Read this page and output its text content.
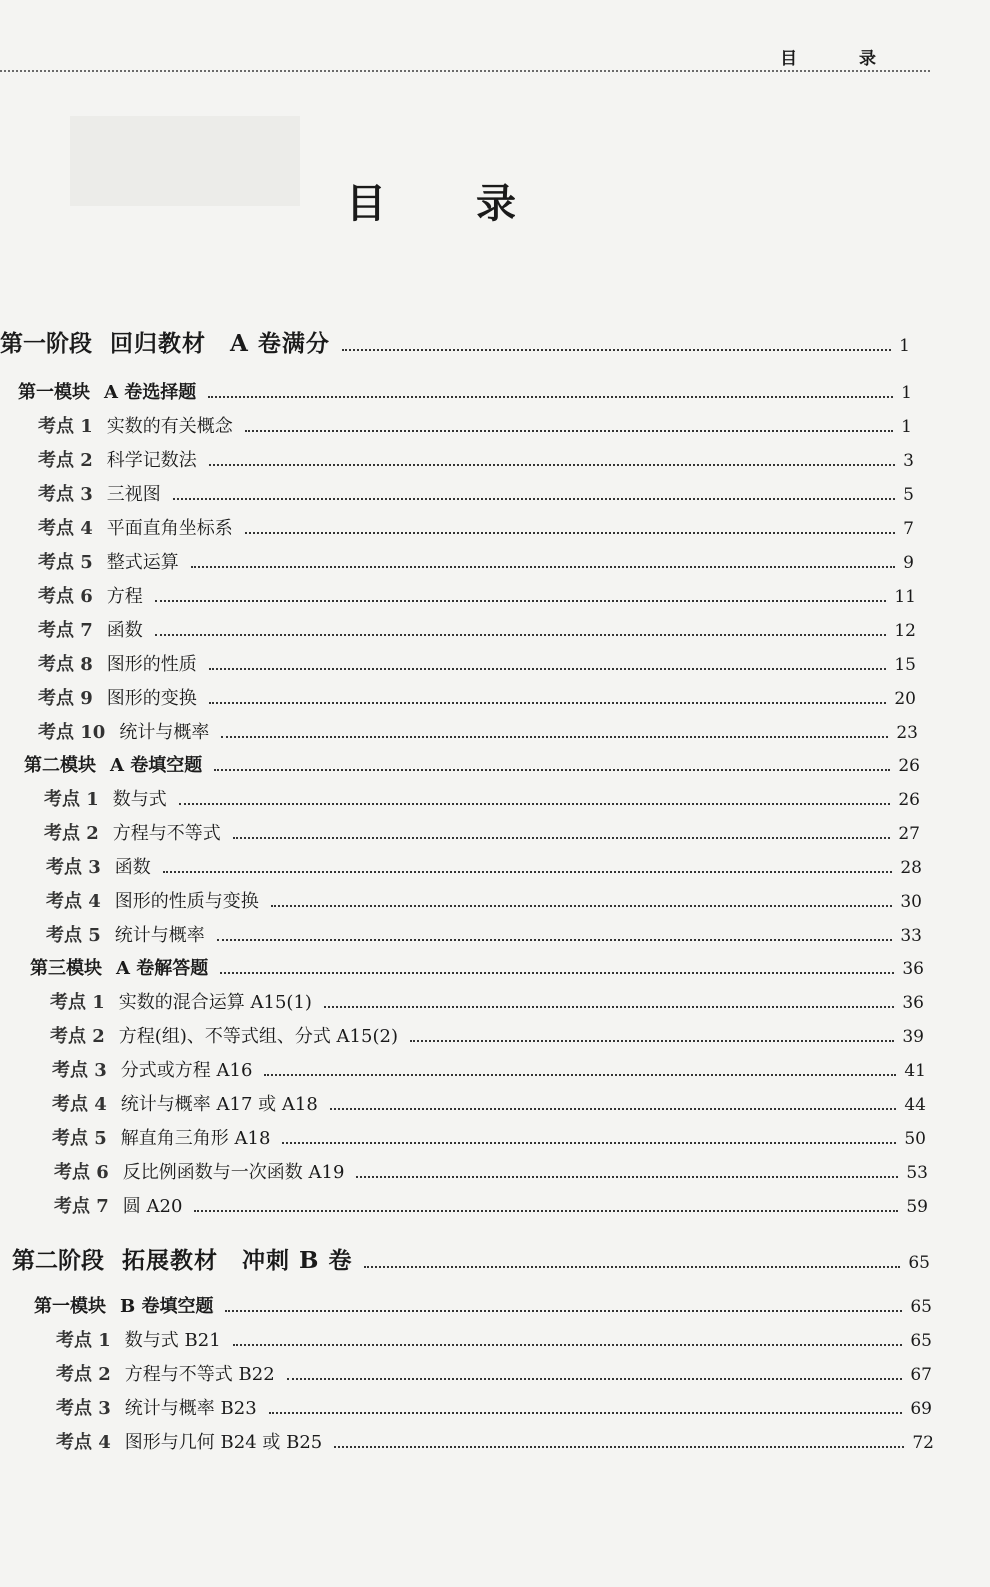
目 录
目 录
第一阶段 回归教材　A 卷满分	1
第一模块 A 卷选择题	1
考点 1 实数的有关概念	1
考点 2 科学记数法	3
考点 3 三视图	5
考点 4 平面直角坐标系	7
考点 5 整式运算	9
考点 6 方程	11
考点 7 函数	12
考点 8 图形的性质	15
考点 9 图形的变换	20
考点 10 统计与概率	23
第二模块 A 卷填空题	26
考点 1 数与式	26
考点 2 方程与不等式	27
考点 3 函数	28
考点 4 图形的性质与变换	30
考点 5 统计与概率	33
第三模块 A 卷解答题	36
考点 1 实数的混合运算 A15(1)	36
考点 2 方程(组)、不等式组、分式 A15(2)	39
考点 3 分式或方程 A16	41
考点 4 统计与概率 A17 或 A18	44
考点 5 解直角三角形 A18	50
考点 6 反比例函数与一次函数 A19	53
考点 7 圆 A20	59
第二阶段 拓展教材　冲刺 B 卷	65
第一模块 B 卷填空题	65
考点 1 数与式 B21	65
考点 2 方程与不等式 B22	67
考点 3 统计与概率 B23	69
考点 4 图形与几何 B24 或 B25	72
